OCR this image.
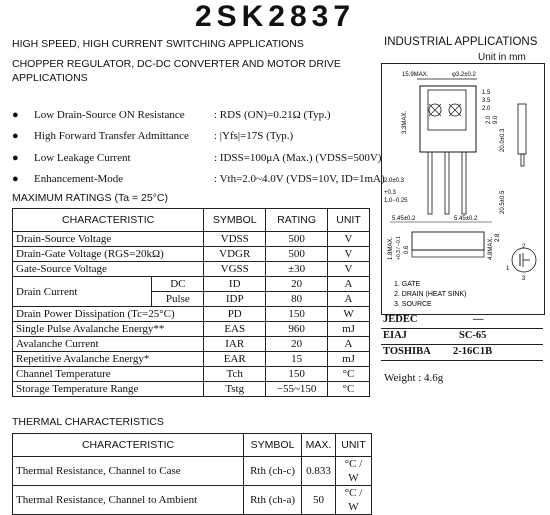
2SK2837
HIGH SPEED, HIGH CURRENT SWITCHING APPLICATIONS
CHOPPER REGULATOR, DC-DC CONVERTER AND MOTOR DRIVE APPLICATIONS
● Low Drain-Source ON Resistance	: RDS (ON)=0.21Ω (Typ.)
● High Forward Transfer Admittance : |Yfs|=17S (Typ.)
● Low Leakage Current	: IDSS=100μA (Max.) (VDSS=500V)
● Enhancement-Mode	: Vth=2.0~4.0V (VDS=10V, ID=1mA)
MAXIMUM RATINGS (Ta = 25°C)
CHARACTERISTIC		SYMBOL	RATING	UNIT
Drain-Source Voltage		VDSS	500	V
Drain-Gate Voltage (RGS=20kΩ)		VDGR	500	V
Gate-Source Voltage		VGSS	±30	V
Drain Current	DC	ID	20	A
	Pulse	IDP	80	A
Drain Power Dissipation (Tc=25°C)		PD	150	W
Single Pulse Avalanche Energy**		EAS	960	mJ
Avalanche Current		IAR	20	A
Repetitive Avalanche Energy*		EAR	15	mJ
Channel Temperature		Tch	150	°C
Storage Temperature Range		Tstg	−55~150	°C
THERMAL CHARACTERISTICS
CHARACTERISTIC	SYMBOL	MAX.	UNIT
Thermal Resistance, Channel to Case	Rth (ch-c)	0.833	°C / W
Thermal Resistance, Channel to Ambient	Rth (ch-a)	50	°C / W
INDUSTRIAL APPLICATIONS
Unit in mm
15.9MAX.	φ3.2±0.2
3.3MAX.	2.0 9.0
20.0±0.3
20.5±0.5
1.5
3.5
2.0
2.0±0.3
+0.3
1.0−0.25
5.45±0.2	5.45±0.2
1.8MAX. +0.3 / −0.1 0.6	4.8MAX. 2.8
2
1
3
1. GATE
2. DRAIN (HEAT SINK)
3. SOURCE
JEDEC	—
EIAJ	SC-65
TOSHIBA 2-16C1B
Weight : 4.6g
